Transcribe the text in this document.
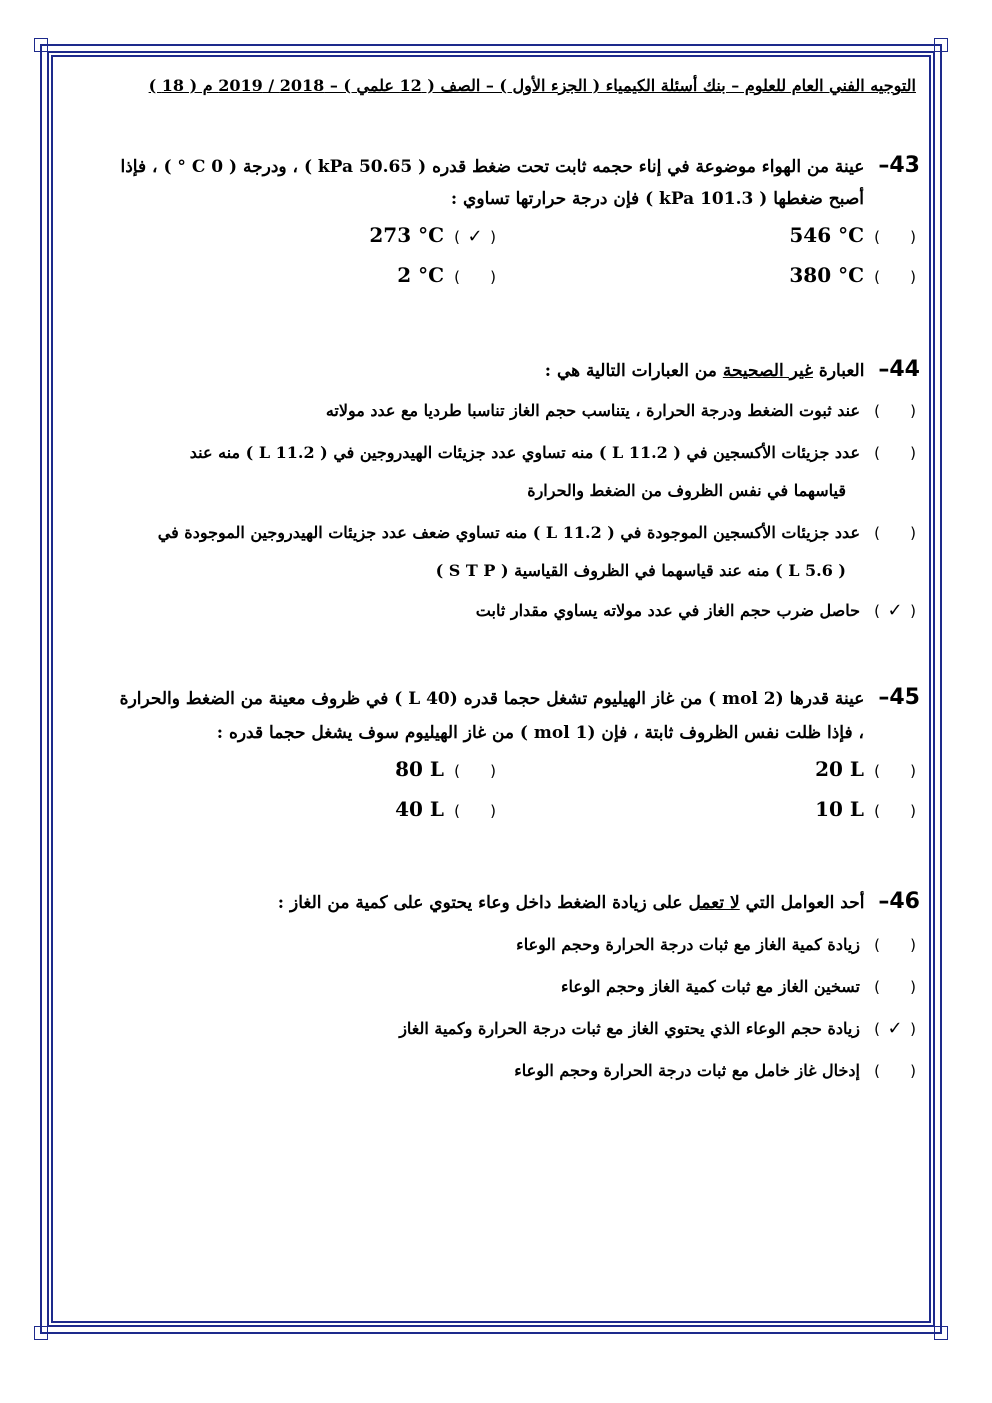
التوجيه الفني العام للعلوم – بنك أسئلة الكيمياء ( الجزء الأول ) – الصف ( 12 علمي ) – 2018 / 2019 م ( 18 )
43– عينة من الهواء موضوعة في إناء حجمه ثابت تحت ضغط قدره ( 50.65 kPa ) ، ودرجة ( 0 C ° ) ، فإذا
أصبح ضغطها ( 101.3 kPa ) فإن درجة حرارتها تساوي :
()546 °C
(✓)273 °C
()380 °C
()2 °C
44– العبارة غير الصحيحة من العبارات التالية هي :
()
عند ثبوت الضغط ودرجة الحرارة ، يتناسب حجم الغاز تناسبا طرديا مع عدد مولاته
()
عدد جزيئات الأكسجين في ( 11.2 L ) منه تساوي عدد جزيئات الهيدروجين في ( 11.2 L ) منه عند
قياسهما في نفس الظروف من الضغط والحرارة
()
عدد جزيئات الأكسجين الموجودة في ( 11.2 L ) منه تساوي ضعف عدد جزيئات الهيدروجين الموجودة في
( 5.6 L ) منه عند قياسهما في الظروف القياسية ( S T P )
(✓)
حاصل ضرب حجم الغاز في عدد مولاته يساوي مقدار ثابت
45– عينة قدرها (2 mol ) من غاز الهيليوم تشغل حجما قدره (40 L ) في ظروف معينة من الضغط والحرارة
، فإذا ظلت نفس الظروف ثابتة ، فإن (1 mol ) من غاز الهيليوم سوف يشغل حجما قدره :
()20 L
()80 L
()10 L
()40 L
46– أحد العوامل التي لا تعمل على زيادة الضغط داخل وعاء يحتوي على كمية من الغاز :
()
زيادة كمية الغاز مع ثبات درجة الحرارة وحجم الوعاء
()
تسخين الغاز مع ثبات كمية الغاز وحجم الوعاء
(✓)
زيادة حجم الوعاء الذي يحتوي الغاز مع ثبات درجة الحرارة وكمية الغاز
()
إدخال غاز خامل مع ثبات درجة الحرارة وحجم الوعاء
